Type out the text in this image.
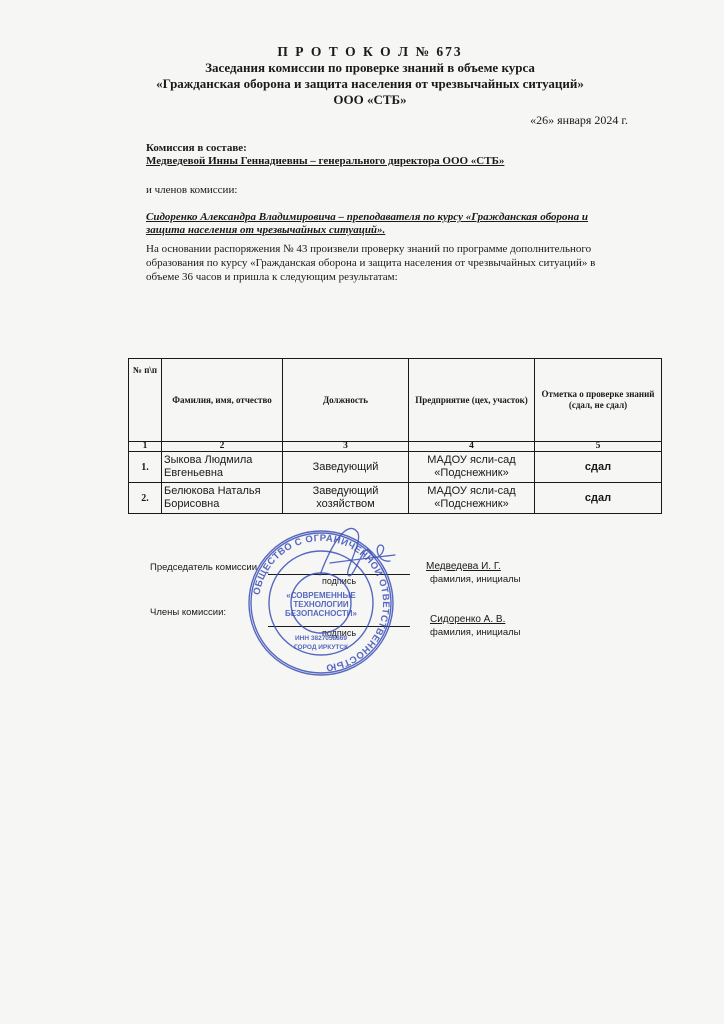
П Р О Т О К О Л № 673
Заседания комиссии по проверке знаний в объеме курса
«Гражданская оборона и защита населения от чрезвычайных ситуаций»
ООО «СТБ»
«26» января 2024 г.
Комиссия в составе:
Медведевой Инны Геннадиевны – генерального директора ООО «СТБ»
и членов комиссии:
Сидоренко Александра Владимировича – преподавателя по курсу «Гражданская оборона и
защита населения от чрезвычайных ситуаций».
На основании распоряжения № 43 произвели проверку знаний по программе дополнительного
образования по курсу «Гражданская оборона и защита населения от чрезвычайных ситуаций» в
объеме 36 часов и пришла к следующим результатам:
№ п\п	Фамилия, имя, отчество	Должность	Предприятие (цех, участок)	Отметка о проверке знаний (сдал, не сдал)
1	2	3	4	5
1.	Зыкова Людмила Евгеньевна	Заведующий	МАДОУ ясли-сад «Подснежник»	сдал
2.	Белюкова Наталья Борисовна	Заведующий хозяйством	МАДОУ ясли-сад «Подснежник»	сдал
Председатель комиссии
подпись
Медведева И. Г.
фамилия, инициалы
Члены комиссии:
подпись
Сидоренко А. В.
фамилия, инициалы
ОБЩЕСТВО С ОГРАНИЧЕННОЙ ОТВЕТСТВЕННОСТЬЮ
«СОВРЕМЕННЫЕ
ТЕХНОЛОГИИ
БЕЗОПАСНОСТИ»
ИНН 3827058869
ГОРОД ИРКУТСК
